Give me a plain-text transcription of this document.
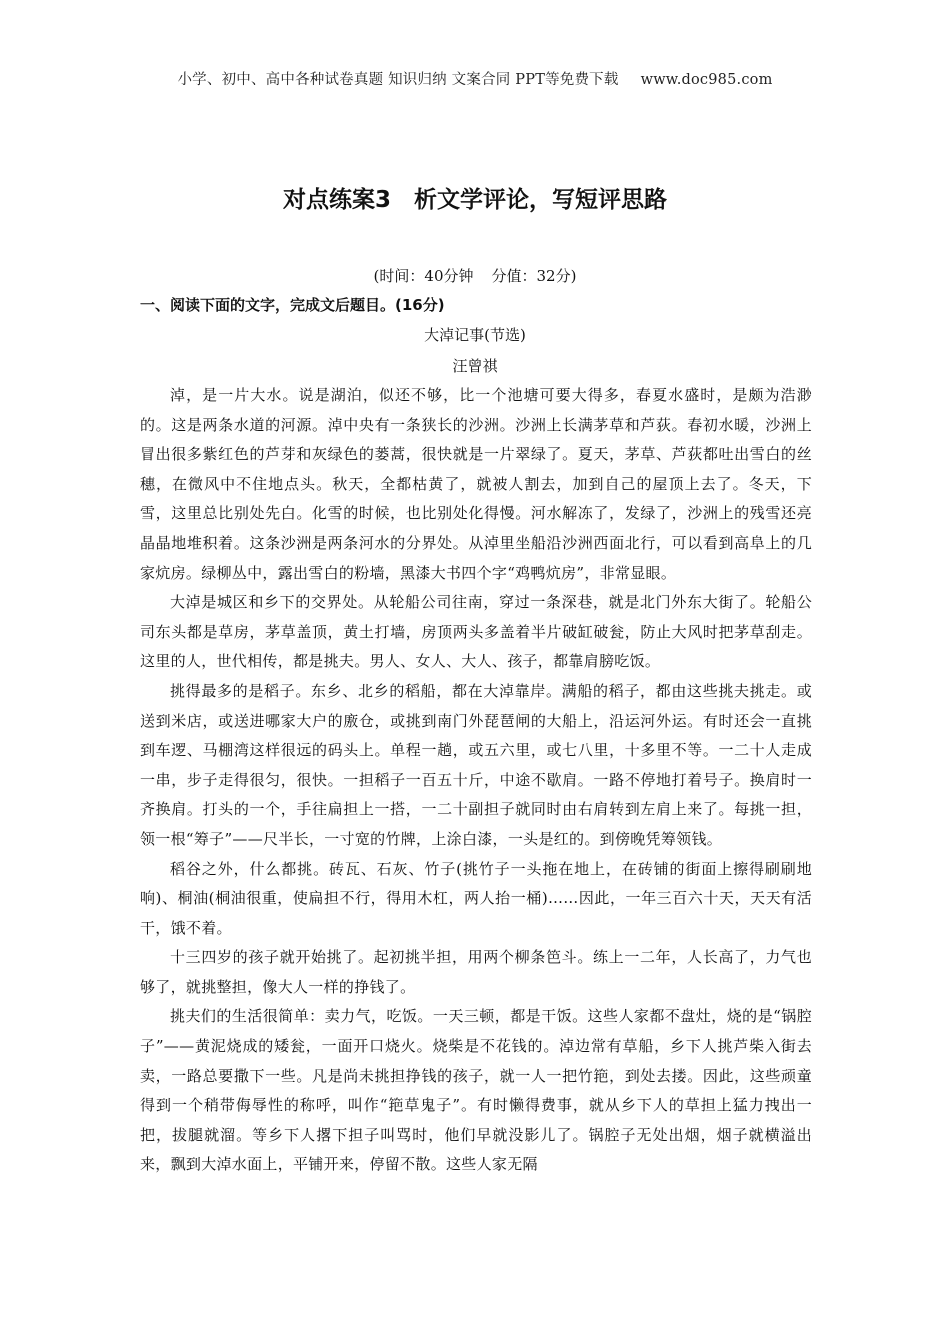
小学、初中、高中各种试卷真题 知识归纳 文案合同 PPT等免费下载 www.doc985.com
对点练案3　析文学评论，写短评思路
(时间：40分钟 分值：32分)
一、阅读下面的文字，完成文后题目。(16分)
大淖记事(节选)
汪曾祺

淖，是一片大水。说是湖泊，似还不够，比一个池塘可要大得多，春夏水盛时，是颇为浩渺的。这是两条水道的河源。淖中央有一条狭长的沙洲。沙洲上长满茅草和芦荻。春初水暖，沙洲上冒出很多紫红色的芦芽和灰绿色的蒌蒿，很快就是一片翠绿了。夏天，茅草、芦荻都吐出雪白的丝穗，在微风中不住地点头。秋天，全都枯黄了，就被人割去，加到自己的屋顶上去了。冬天，下雪，这里总比别处先白。化雪的时候，也比别处化得慢。河水解冻了，发绿了，沙洲上的残雪还亮晶晶地堆积着。这条沙洲是两条河水的分界处。从淖里坐船沿沙洲西面北行，可以看到高阜上的几家炕房。绿柳丛中，露出雪白的粉墙，黑漆大书四个字“鸡鸭炕房”，非常显眼。

大淖是城区和乡下的交界处。从轮船公司往南，穿过一条深巷，就是北门外东大街了。轮船公司东头都是草房，茅草盖顶，黄土打墙，房顶两头多盖着半片破缸破瓮，防止大风时把茅草刮走。这里的人，世代相传，都是挑夫。男人、女人、大人、孩子，都靠肩膀吃饭。

挑得最多的是稻子。东乡、北乡的稻船，都在大淖靠岸。满船的稻子，都由这些挑夫挑走。或送到米店，或送进哪家大户的廒仓，或挑到南门外琵琶闸的大船上，沿运河外运。有时还会一直挑到车逻、马棚湾这样很远的码头上。单程一趟，或五六里，或七八里，十多里不等。一二十人走成一串，步子走得很匀，很快。一担稻子一百五十斤，中途不歇肩。一路不停地打着号子。换肩时一齐换肩。打头的一个，手往扁担上一搭，一二十副担子就同时由右肩转到左肩上来了。每挑一担，领一根“筹子”——尺半长，一寸宽的竹牌，上涂白漆，一头是红的。到傍晚凭筹领钱。

稻谷之外，什么都挑。砖瓦、石灰、竹子(挑竹子一头拖在地上，在砖铺的街面上擦得刷刷地响)、桐油(桐油很重，使扁担不行，得用木杠，两人抬一桶)……因此，一年三百六十天，天天有活干，饿不着。

十三四岁的孩子就开始挑了。起初挑半担，用两个柳条笆斗。练上一二年，人长高了，力气也够了，就挑整担，像大人一样的挣钱了。

挑夫们的生活很简单：卖力气，吃饭。一天三顿，都是干饭。这些人家都不盘灶，烧的是“锅腔子”——黄泥烧成的矮瓮，一面开口烧火。烧柴是不花钱的。淖边常有草船，乡下人挑芦柴入街去卖，一路总要撒下一些。凡是尚未挑担挣钱的孩子，就一人一把竹筢，到处去搂。因此，这些顽童得到一个稍带侮辱性的称呼，叫作“筢草鬼子”。有时懒得费事，就从乡下人的草担上猛力拽出一把，拔腿就溜。等乡下人撂下担子叫骂时，他们早就没影儿了。锅腔子无处出烟，烟子就横溢出来，飘到大淖水面上，平铺开来，停留不散。这些人家无隔
